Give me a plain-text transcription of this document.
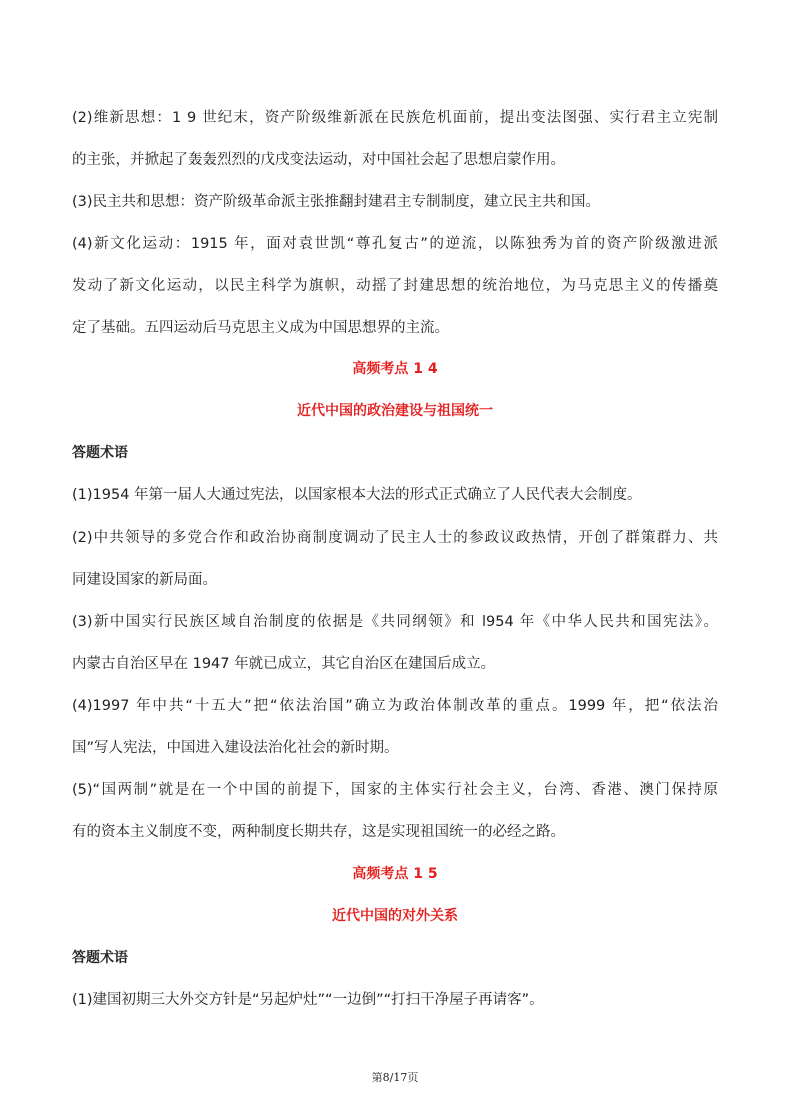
(2)维新思想：1 9 世纪末，资产阶级维新派在民族危机面前，提出变法图强、实行君主立宪制
的主张，并掀起了轰轰烈烈的戊戌变法运动，对中国社会起了思想启蒙作用。
(3)民主共和思想：资产阶级革命派主张推翻封建君主专制制度，建立民主共和国。
(4)新文化运动：1915 年，面对袁世凯“尊孔复古”的逆流，以陈独秀为首的资产阶级激进派
发动了新文化运动，以民主科学为旗帜，动摇了封建思想的统治地位，为马克思主义的传播奠
定了基础。五四运动后马克思主义成为中国思想界的主流。
高频考点 1 4
近代中国的政治建设与祖国统一
答题术语
(1)1954 年第一届人大通过宪法，以国家根本大法的形式正式确立了人民代表大会制度。
(2)中共领导的多党合作和政治协商制度调动了民主人士的参政议政热情，开创了群策群力、共
同建设国家的新局面。
(3)新中国实行民族区域自治制度的依据是《共同纲领》和 l954 年《中华人民共和国宪法》。
内蒙古自治区早在 1947 年就已成立，其它自治区在建国后成立。
(4)1997 年中共“十五大”把“依法治国”确立为政治体制改革的重点。1999 年，把“依法治
国”写人宪法，中国进入建设法治化社会的新时期。
(5)“国两制”就是在一个中国的前提下，国家的主体实行社会主义，台湾、香港、澳门保持原
有的资本主义制度不变，两种制度长期共存，这是实现祖国统一的必经之路。
高频考点 1 5
近代中国的对外关系
答题术语
(1)建国初期三大外交方针是“另起炉灶”“一边倒”“打扫干净屋子再请客”。
第8/17页
